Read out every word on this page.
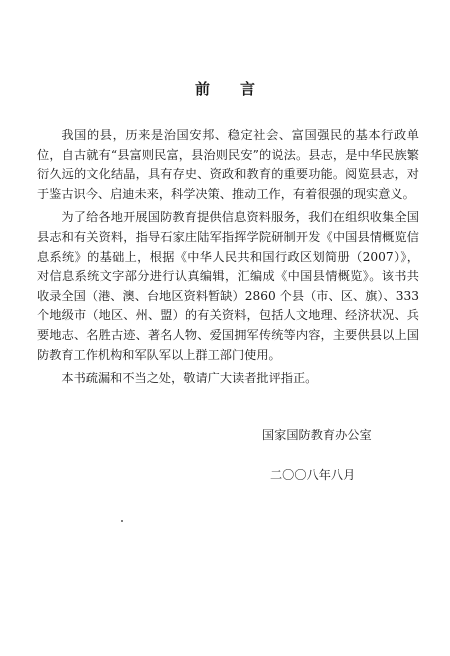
前言

我国的县，历来是治国安邦、稳定社会、富国强民的基本行政单位，自古就有“县富则民富，县治则民安”的说法。县志，是中华民族繁衍久远的文化结晶，具有存史、资政和教育的重要功能。阅览县志，对于鉴古识今、启迪未来，科学决策、推动工作，有着很强的现实意义。

为了给各地开展国防教育提供信息资料服务，我们在组织收集全国县志和有关资料，指导石家庄陆军指挥学院研制开发《中国县情概览信息系统》的基础上，根据《中华人民共和国行政区划简册（2007）》，对信息系统文字部分进行认真编辑，汇编成《中国县情概览》。该书共收录全国（港、澳、台地区资料暂缺）2860 个县（市、区、旗）、333 个地级市（地区、州、盟）的有关资料，包括人文地理、经济状况、兵要地志、名胜古迹、著名人物、爱国拥军传统等内容，主要供县以上国防教育工作机构和军队军以上群工部门使用。

本书疏漏和不当之处，敬请广大读者批评指正。

国家国防教育办公室
二〇〇八年八月
